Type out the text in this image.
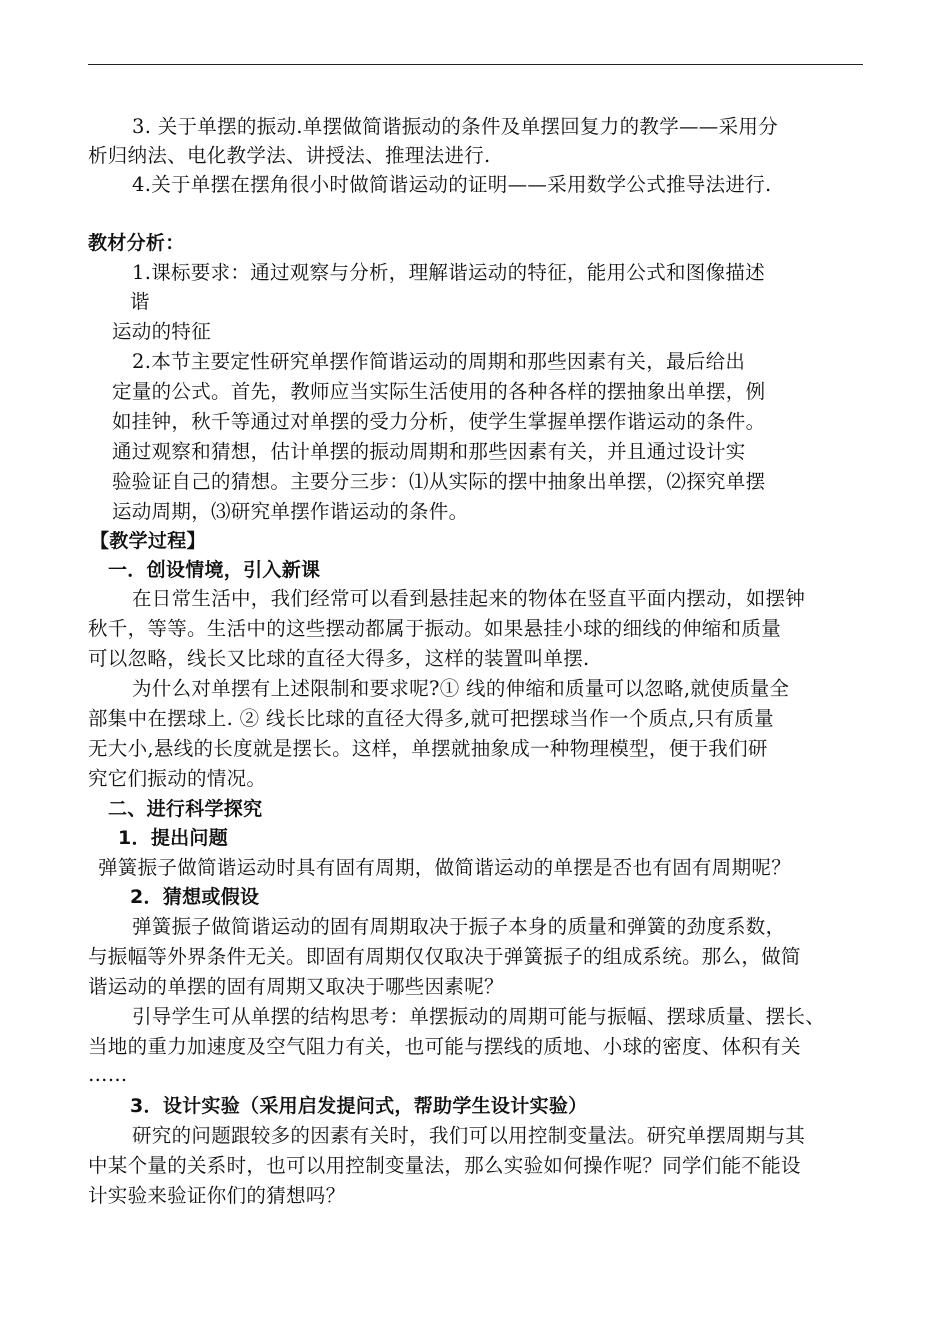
3. 关于单摆的振动.单摆做简谐振动的条件及单摆回复力的教学——采用分
析归纳法、电化教学法、讲授法、推理法进行.
4.关于单摆在摆角很小时做简谐运动的证明——采用数学公式推导法进行.
教材分析：
1.课标要求：通过观察与分析，理解谐运动的特征，能用公式和图像描述
谐
运动的特征
2.本节主要定性研究单摆作简谐运动的周期和那些因素有关，最后给出
定量的公式。首先，教师应当实际生活使用的各种各样的摆抽象出单摆，例
如挂钟，秋千等通过对单摆的受力分析，使学生掌握单摆作谐运动的条件。
通过观察和猜想，估计单摆的振动周期和那些因素有关，并且通过设计实
验验证自己的猜想。主要分三步：⑴从实际的摆中抽象出单摆，⑵探究单摆
运动周期，⑶研究单摆作谐运动的条件。
【教学过程】
一．创设情境，引入新课
在日常生活中，我们经常可以看到悬挂起来的物体在竖直平面内摆动，如摆钟
秋千，等等。生活中的这些摆动都属于振动。如果悬挂小球的细线的伸缩和质量
可以忽略，线长又比球的直径大得多，这样的装置叫单摆.
为什么对单摆有上述限制和要求呢?① 线的伸缩和质量可以忽略,就使质量全
部集中在摆球上. ② 线长比球的直径大得多,就可把摆球当作一个质点,只有质量
无大小,悬线的长度就是摆长。这样，单摆就抽象成一种物理模型，便于我们研
究它们振动的情况。
二、进行科学探究
1．提出问题
弹簧振子做简谐运动时具有固有周期，做简谐运动的单摆是否也有固有周期呢？
2．猜想或假设
弹簧振子做简谐运动的固有周期取决于振子本身的质量和弹簧的劲度系数，
与振幅等外界条件无关。即固有周期仅仅取决于弹簧振子的组成系统。那么，做简
谐运动的单摆的固有周期又取决于哪些因素呢？
引导学生可从单摆的结构思考：单摆振动的周期可能与振幅、摆球质量、摆长、
当地的重力加速度及空气阻力有关，也可能与摆线的质地、小球的密度、体积有关
……
3．设计实验（采用启发提问式，帮助学生设计实验）
研究的问题跟较多的因素有关时，我们可以用控制变量法。研究单摆周期与其
中某个量的关系时，也可以用控制变量法，那么实验如何操作呢？同学们能不能设
计实验来验证你们的猜想吗？
